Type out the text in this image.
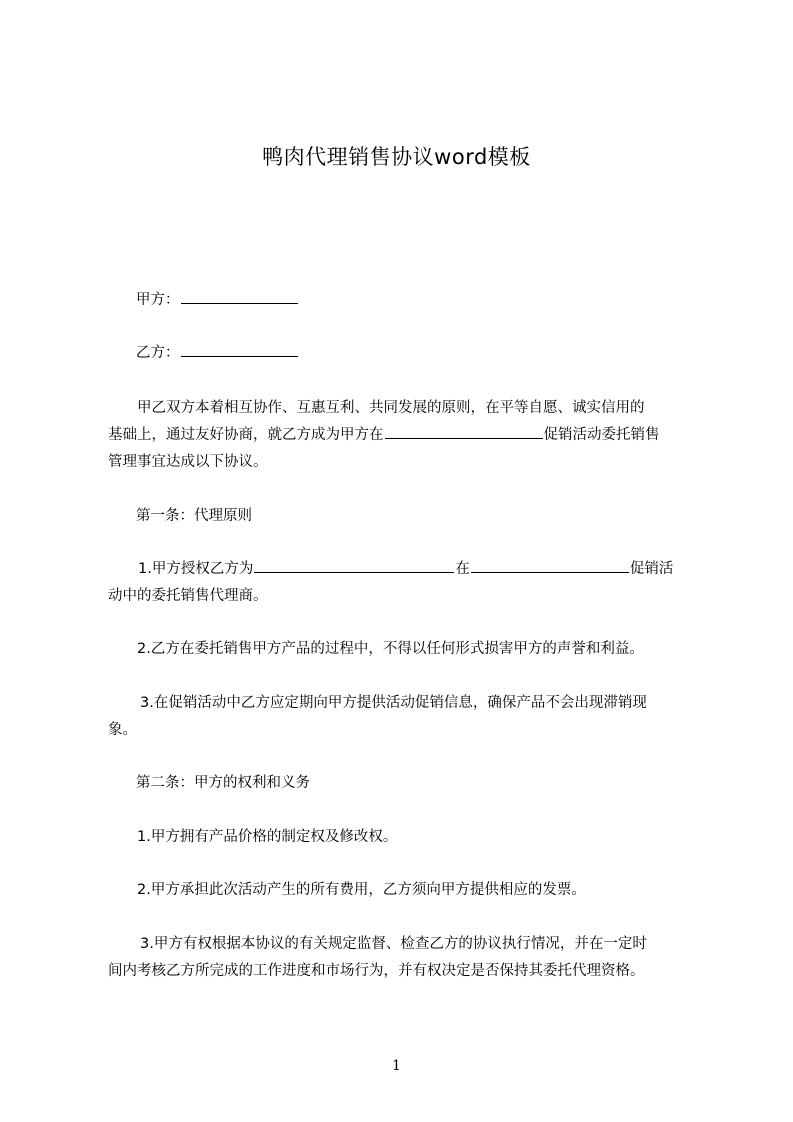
鸭肉代理销售协议word模板
甲方：
乙方：
甲乙双方本着相互协作、互惠互利、共同发展的原则，在平等自愿、诚实信用的
基础上，通过友好协商，就乙方成为甲方在	促销活动委托销售
管理事宜达成以下协议。
第一条：代理原则
1.甲方授权乙方为	在	促销活
动中的委托销售代理商。
2.乙方在委托销售甲方产品的过程中，不得以任何形式损害甲方的声誉和利益。
3.在促销活动中乙方应定期向甲方提供活动促销信息，确保产品不会出现滞销现
象。
第二条：甲方的权利和义务
1.甲方拥有产品价格的制定权及修改权。
2.甲方承担此次活动产生的所有费用，乙方须向甲方提供相应的发票。
3.甲方有权根据本协议的有关规定监督、检查乙方的协议执行情况，并在一定时
间内考核乙方所完成的工作进度和市场行为，并有权决定是否保持其委托代理资格。
1
